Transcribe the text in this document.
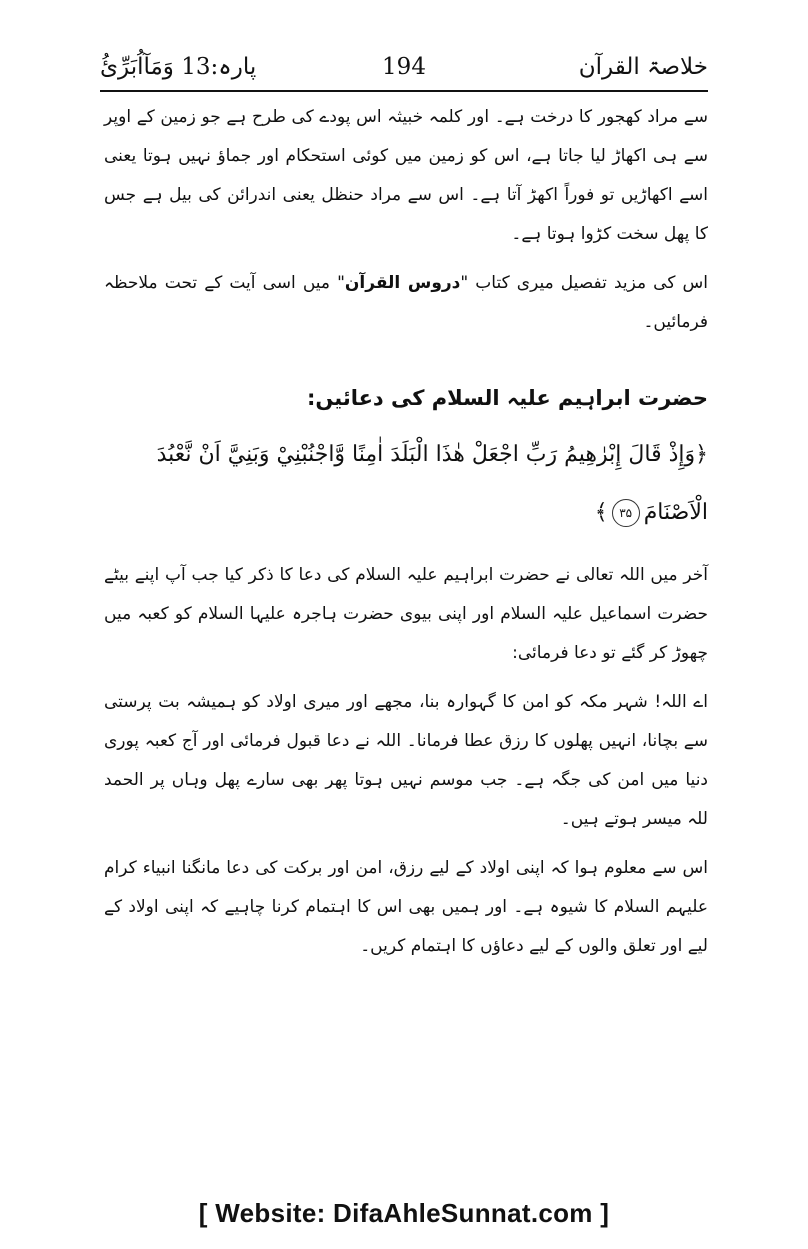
خلاصۃ القرآن
194
پارہ:13 وَمَآاُبَرِّئُ

سے مراد کھجور کا درخت ہے۔ اور کلمہ خبیثہ اس پودے کی طرح ہے جو زمین کے اوپر سے ہی اکھاڑ لیا جاتا ہے، اس کو زمین میں کوئی استحکام اور جماؤ نہیں ہوتا یعنی اسے اکھاڑیں تو فوراً اکھڑ آتا ہے۔ اس سے مراد حنظل یعنی اندرائن کی بیل ہے جس کا پھل سخت کڑوا ہوتا ہے۔

اس کی مزید تفصیل میری کتاب "دروس القرآن" میں اسی آیت کے تحت ملاحظہ فرمائیں۔

حضرت ابراہیم علیہ السلام کی دعائیں:
﴿وَإِذْ قَالَ إِبْرٰهِيمُ رَبِّ اجْعَلْ هٰذَا الْبَلَدَ اٰمِنًا وَّاجْنُبْنِيْ وَبَنِيَّ اَنْ نَّعْبُدَ الْاَصْنَامَ۳۵﴾

آخر میں اللہ تعالی نے حضرت ابراہیم علیہ السلام کی دعا کا ذکر کیا جب آپ اپنے بیٹے حضرت اسماعیل علیہ السلام اور اپنی بیوی حضرت ہاجرہ علیہا السلام کو کعبہ میں چھوڑ کر گئے تو دعا فرمائی:

اے اللہ! شہر مکہ کو امن کا گہوارہ بنا، مجھے اور میری اولاد کو ہمیشہ بت پرستی سے بچانا، انہیں پھلوں کا رزق عطا فرمانا۔ اللہ نے دعا قبول فرمائی اور آج کعبہ پوری دنیا میں امن کی جگہ ہے۔ جب موسم نہیں ہوتا پھر بھی سارے پھل وہاں پر الحمد للہ میسر ہوتے ہیں۔

اس سے معلوم ہوا کہ اپنی اولاد کے لیے رزق، امن اور برکت کی دعا مانگنا انبیاء کرام علیہم السلام کا شیوہ ہے۔ اور ہمیں بھی اس کا اہتمام کرنا چاہیے کہ اپنی اولاد کے لیے اور تعلق والوں کے لیے دعاؤں کا اہتمام کریں۔

[ Website: DifaAhleSunnat.com ]
